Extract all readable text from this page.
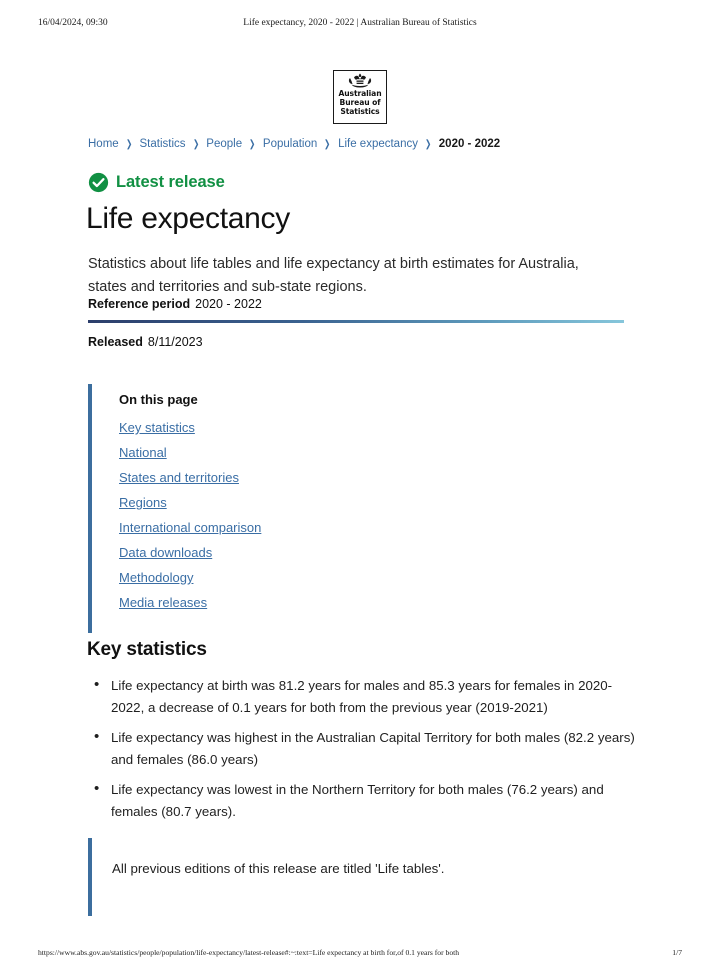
16/04/2024, 09:30	Life expectancy, 2020 - 2022 | Australian Bureau of Statistics
Australian
Bureau of
Statistics
Home ❯ Statistics ❯ People ❯ Population ❯ Life expectancy ❯ 2020 - 2022
Latest release
Life expectancy

Statistics about life tables and life expectancy at birth estimates for Australia, states and territories and sub-state regions.

Reference period 2020 - 2022
Released 8/11/2023
On this page
Key statistics
National
States and territories
Regions
International comparison
Data downloads
Methodology
Media releases
Key statistics
• Life expectancy at birth was 81.2 years for males and 85.3 years for females in 2020-2022, a decrease of 0.1 years for both from the previous year (2019-2021)
• Life expectancy was highest in the Australian Capital Territory for both males (82.2 years) and females (86.0 years)
• Life expectancy was lowest in the Northern Territory for both males (76.2 years) and females (80.7 years).
All previous editions of this release are titled 'Life tables'.
https://www.abs.gov.au/statistics/people/population/life-expectancy/latest-release#:~:text=Life expectancy at birth for,of 0.1 years for both	1/7
